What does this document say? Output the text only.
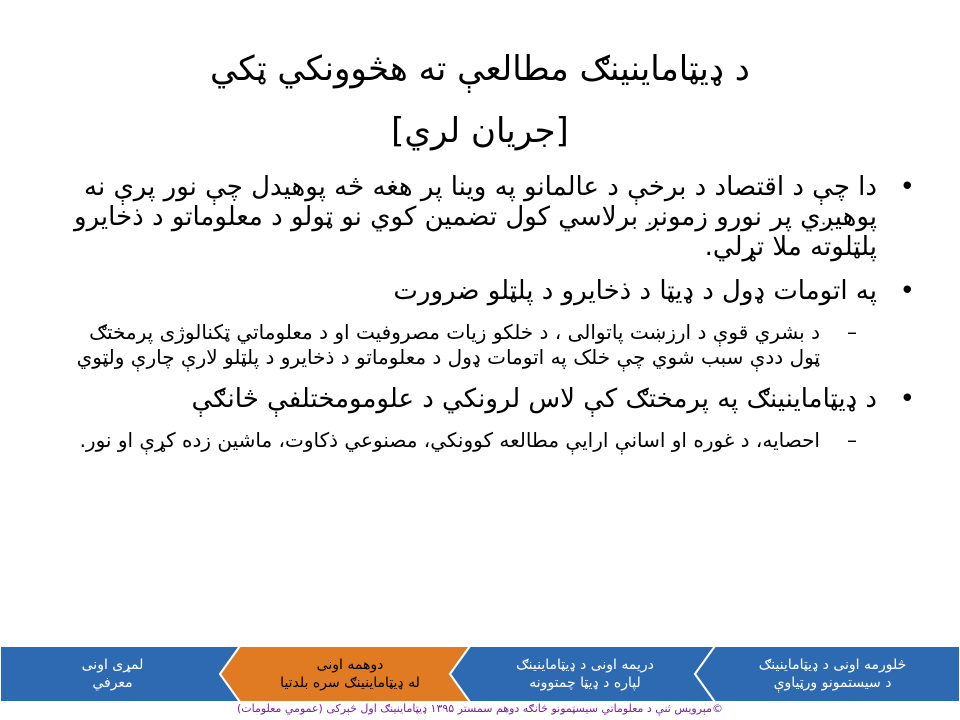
د ډيټاماينينګ مطالعې ته هڅوونکي ټکي
[جريان لري]
•
دا چې د اقتصاد د برخې د عالمانو په وينا پر هغه څه پوهيدل چې نور پرې نه پوهيږي پر نورو زمونږ برلاسي کول تضمين کوي نو ټولو د معلوماتو د ذخايرو پلټلوته ملا تړلي.
•
په اتومات ډول د ډيټا د ذخايرو د پلټلو ضرورت
–
د بشري قوې د ارزښت پاتوالی ، د خلکو زيات مصروفيت او د معلوماتي ټکنالوژی پرمختګ ټول ددې سبب شوي چې خلک په اتومات ډول د معلوماتو د ذخايرو د پلټلو لارې چارې ولټوي
•
د ډيټاماينينګ په پرمختګ کې لاس لرونکي د علومومختلفې څانګې
–
احصايه، د غوره او اسانې ارايې مطالعه کوونکي، مصنوعي ذکاوت، ماشين زده کړې او نور.
څلورمه اونی د ډيټاماينينګ
د سيستمونو ورټياوې
دريمه اونی د ډيټاماينينګ
لپاره د ډيټا چمتوونه
دوهمه اونی
له ډيټاماينينګ سره بلدتيا
لمړی اونی
معرفي
©مېرويس ثنې د معلوماتي سيسټمونو څانګه دوهم سمستر ۱۳۹۵ ډيټاماينينګ اول څېرکی (عمومي معلومات)
